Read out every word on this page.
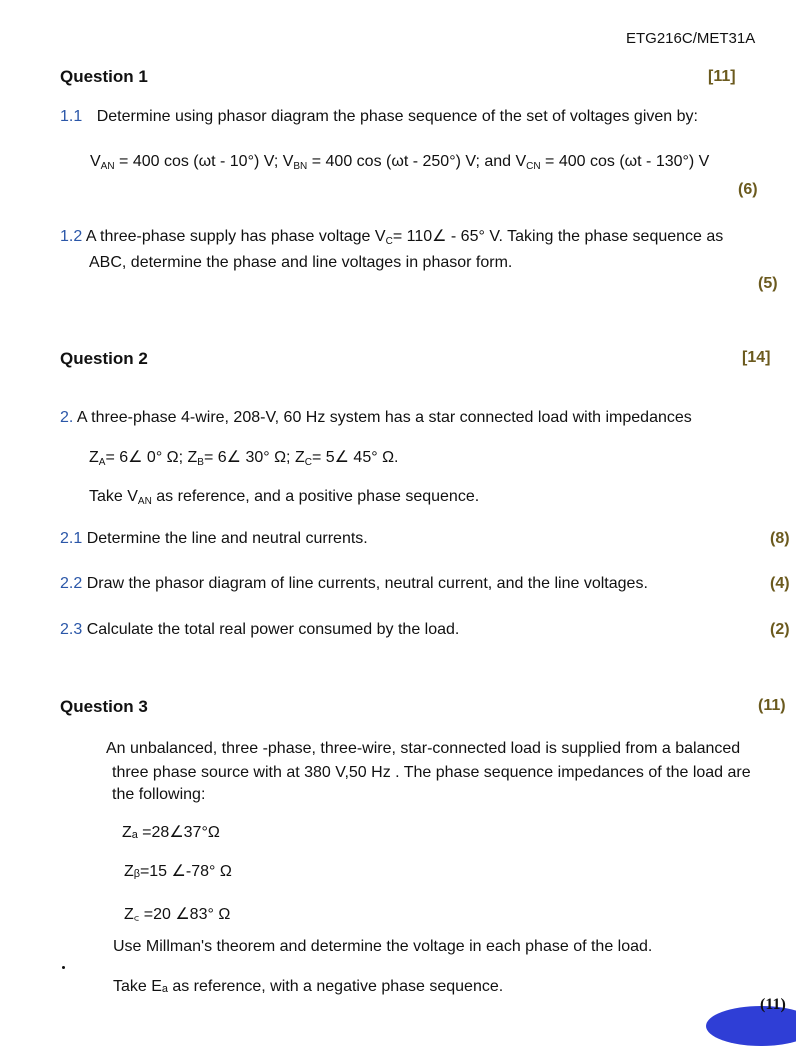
ETG216C/MET31A
Question 1	[11]
1.1 Determine using phasor diagram the phase sequence of the set of voltages given by:
$V_{AN} = 400$ cos (ωt - 10°) V; $V_{BN} = 400$ cos (ωt - 250°) V; and $V_{CN} = 400$ cos (ωt - 130°) V
(6)
1.2 A three-phase supply has phase voltage $V_C=$ 110∠ - 65° V. Taking the phase sequence as
ABC, determine the phase and line voltages in phasor form.
(5)
Question 2	[14]
2. A three-phase 4-wire, 208-V, 60 Hz system has a star connected load with impedances
$Z_A=$ 6∠ 0° Ω; $Z_B=$ 6∠ 30° Ω; $Z_C=$ 5∠ 45° Ω.
Take $V_{AN}$ as reference, and a positive phase sequence.
2.1 Determine the line and neutral currents.	(8)
2.2 Draw the phasor diagram of line currents, neutral current, and the line voltages.	(4)
2.3 Calculate the total real power consumed by the load.	(2)
Question 3	(11)
An unbalanced, three -phase, three-wire, star-connected load is supplied from a balanced
three phase source with at 380 V,50 Hz . The phase sequence impedances of the load are
the following:
Zₐ =28∠37°Ω
Zᵦ=15 ∠-78° Ω
Z꜀ =20 ∠83° Ω
Use Millman's theorem and determine the voltage in each phase of the load.
Take Eₐ as reference, with a negative phase sequence.
(11)
